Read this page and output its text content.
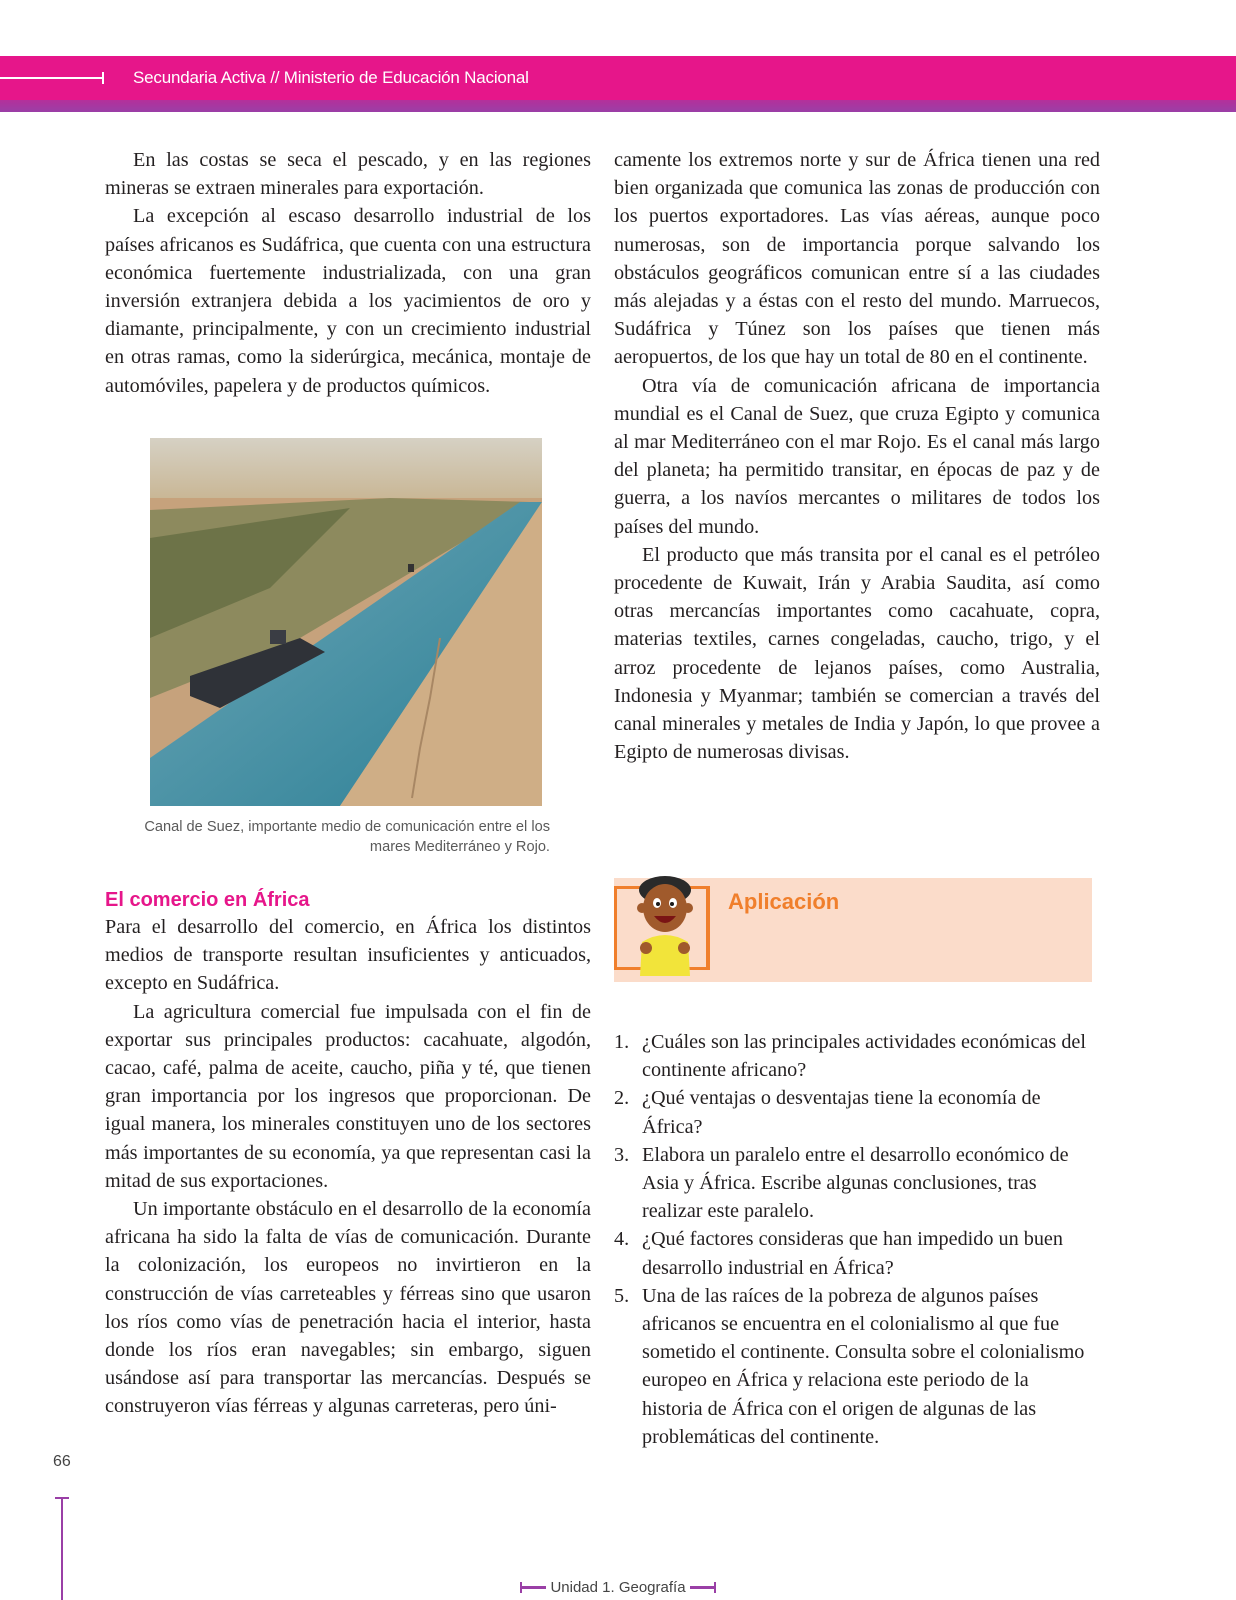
Secundaria Activa // Ministerio de Educación Nacional

En las costas se seca el pescado, y en las regiones mineras se extraen minerales para exportación.

La excepción al escaso desarrollo industrial de los países africanos es Sudáfrica, que cuenta con una estructura económica fuertemente industrializada, con una gran inversión extranjera debida a los yacimientos de oro y diamante, principalmente, y con un crecimiento industrial en otras ramas, como la siderúrgica, mecánica, montaje de automóviles, papelera y de productos químicos.

Canal de Suez, importante medio de comunicación entre el los mares Mediterráneo y Rojo.
El comercio en África

Para el desarrollo del comercio, en África los distintos medios de transporte resultan insuficientes y anticuados, excepto en Sudáfrica.

La agricultura comercial fue impulsada con el fin de exportar sus principales productos: cacahuate, algodón, cacao, café, palma de aceite, caucho, piña y té, que tienen gran importancia por los ingresos que proporcionan. De igual manera, los minerales constituyen uno de los sectores más importantes de su economía, ya que representan casi la mitad de sus exportaciones.

Un importante obstáculo en el desarrollo de la economía africana ha sido la falta de vías de comunicación. Durante la colonización, los europeos no invirtieron en la construcción de vías carreteables y férreas sino que usaron los ríos como vías de penetración hacia el interior, hasta donde los ríos eran navegables; sin embargo, siguen usándose así para transportar las mercancías. Después se construyeron vías férreas y algunas carreteras, pero úni-

camente los extremos norte y sur de África tienen una red bien organizada que comunica las zonas de producción con los puertos exportadores. Las vías aéreas, aunque poco numerosas, son de importancia porque salvando los obstáculos geográficos comunican entre sí a las ciudades más alejadas y a éstas con el resto del mundo. Marruecos, Sudáfrica y Túnez son los países que tienen más aeropuertos, de los que hay un total de 80 en el continente.

Otra vía de comunicación africana de importancia mundial es el Canal de Suez, que cruza Egipto y comunica al mar Mediterráneo con el mar Rojo. Es el canal más largo del planeta; ha permitido transitar, en épocas de paz y de guerra, a los navíos mercantes o militares de todos los países del mundo.

El producto que más transita por el canal es el petróleo procedente de Kuwait, Irán y Arabia Saudita, así como otras mercancías importantes como cacahuate, copra, materias textiles, carnes congeladas, caucho, trigo, y el arroz procedente de lejanos países, como Australia, Indonesia y Myanmar; también se comercian a través del canal minerales y metales de India y Japón, lo que provee a Egipto de numerosas divisas.

Aplicación
1. ¿Cuáles son las principales actividades económicas del continente africano?
2. ¿Qué ventajas o desventajas tiene la economía de África?
3. Elabora un paralelo entre el desarrollo económico de Asia y África. Escribe algunas conclusiones, tras realizar este paralelo.
4. ¿Qué factores consideras que han impedido un buen desarrollo industrial en África?
5. Una de las raíces de la pobreza de algunos países africanos se encuentra en el colonialismo al que fue sometido el continente. Consulta sobre el colonialismo europeo en África y relaciona este periodo de la historia de África con el origen de algunas de las problemáticas del continente.
66
Unidad 1. Geografía
